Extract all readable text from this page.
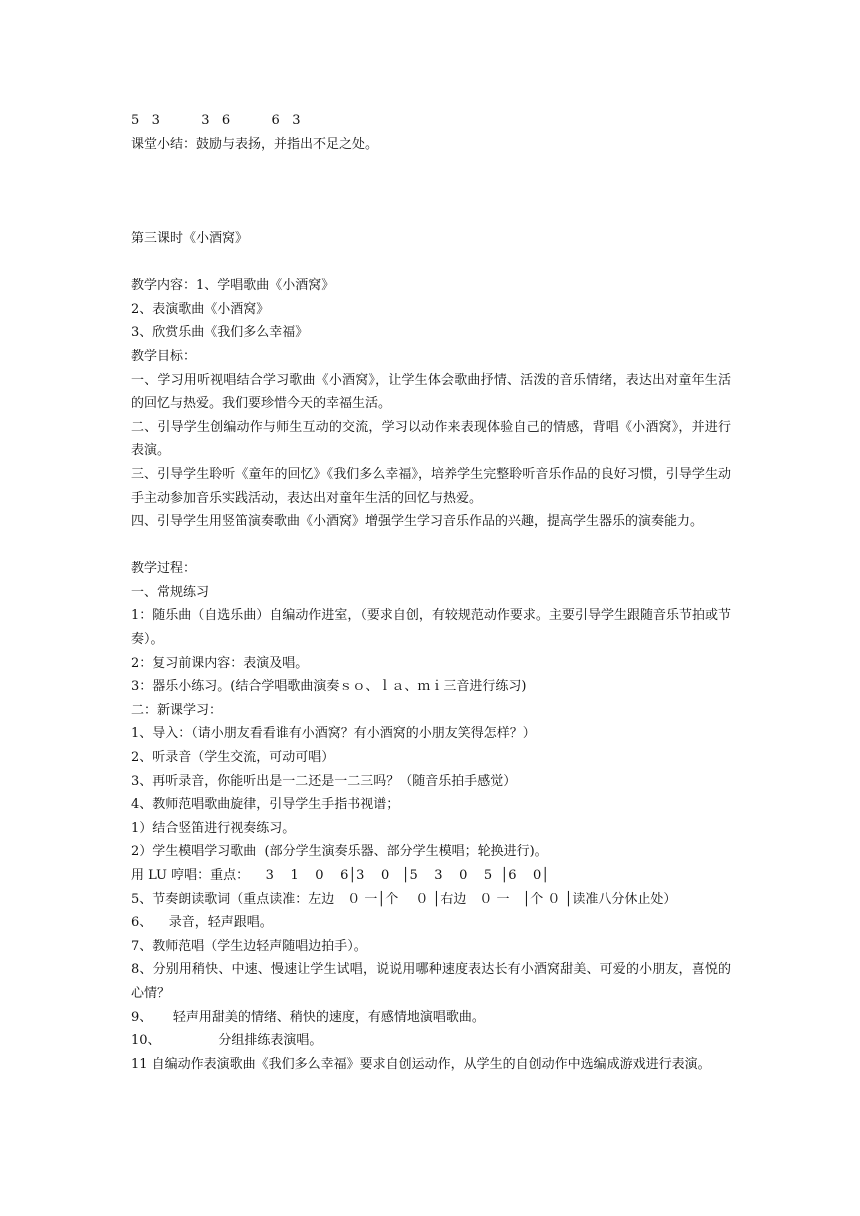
5   3          3   6          6   3
课堂小结：鼓励与表扬，并指出不足之处。
第三课时《小酒窝》
教学内容：1、学唱歌曲《小酒窝》
2、表演歌曲《小酒窝》
3、欣赏乐曲《我们多么幸福》
教学目标：
一、学习用听视唱结合学习歌曲《小酒窝》，让学生体会歌曲抒情、活泼的音乐情绪，表达出对童年生活的回忆与热爱。我们要珍惜今天的幸福生活。
二、引导学生创编动作与师生互动的交流，学习以动作来表现体验自己的情感，背唱《小酒窝》，并进行表演。
三、引导学生聆听《童年的回忆》《我们多么幸福》，培养学生完整聆听音乐作品的良好习惯，引导学生动手主动参加音乐实践活动，表达出对童年生活的回忆与热爱。
四、引导学生用竖笛演奏歌曲《小酒窝》增强学生学习音乐作品的兴趣，提高学生器乐的演奏能力。
教学过程：
一、常规练习
1：随乐曲（自选乐曲）自编动作进室，（要求自创，有较规范动作要求。主要引导学生跟随音乐节拍或节奏）。
2：复习前课内容：表演及唱。
3：器乐小练习。(结合学唱歌曲演奏ｓｏ、ｌａ、ｍｉ三音进行练习)
二：新课学习：
1、导入：（请小朋友看看谁有小酒窝？有小酒窝的小朋友笑得怎样？）
2、听录音（学生交流，可动可唱）
3、再听录音，你能听出是一二还是一二三吗？（随音乐拍手感觉）
4、教师范唱歌曲旋律，引导学生手指书视谱；
1）结合竖笛进行视奏练习。
2）学生模唱学习歌曲  (部分学生演奏乐器、部分学生模唱；轮换进行)。
用 LU 哼唱：重点：    3    1    0    6│3    0   │5    3    0    5  │6    0│
5、节奏朗读歌词（重点读准：左边　０ 一│个　 ０ │右边　０ 一　│个 ０ │读准八分休止处）
6、    录音，轻声跟唱。
7、教师范唱（学生边轻声随唱边拍手）。
8、分别用稍快、中速、慢速让学生试唱，说说用哪种速度表达长有小酒窝甜美、可爱的小朋友，喜悦的心情？
9、     轻声用甜美的情绪、稍快的速度，有感情地演唱歌曲。
10、              分组排练表演唱。
11 自编动作表演歌曲《我们多么幸福》要求自创运动作，从学生的自创动作中选编成游戏进行表演。
